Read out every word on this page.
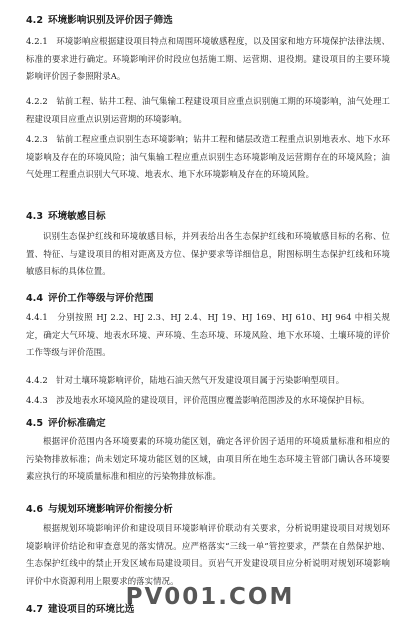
4.2 环境影响识别及评价因子筛选
4.2.1 环境影响应根据建设项目特点和周围环境敏感程度，以及国家和地方环境保护法律法规、标准的要求进行确定。环境影响评价时段应包括施工期、运营期、退役期。建设项目的主要环境影响评价因子参照附录A。
4.2.2 钻前工程、钻井工程、油气集输工程建设项目应重点识别施工期的环境影响，油气处理工程建设项目应重点识别运营期的环境影响。
4.2.3 钻前工程应重点识别生态环境影响；钻井工程和储层改造工程重点识别地表水、地下水环境影响及存在的环境风险；油气集输工程应重点识别生态环境影响及运营期存在的环境风险；油气处理工程重点识别大气环境、地表水、地下水环境影响及存在的环境风险。
4.3 环境敏感目标
识别生态保护红线和环境敏感目标，并列表给出各生态保护红线和环境敏感目标的名称、位置、特征、与建设项目的相对距离及方位、保护要求等详细信息，附图标明生态保护红线和环境敏感目标的具体位置。
4.4 评价工作等级与评价范围
4.4.1 分别按照 HJ 2.2、HJ 2.3、HJ 2.4、HJ 19、HJ 169、HJ 610、HJ 964 中相关规定，确定大气环境、地表水环境、声环境、生态环境、环境风险、地下水环境、土壤环境的评价工作等级与评价范围。
4.4.2 针对土壤环境影响评价，陆地石油天然气开发建设项目属于污染影响型项目。
4.4.3 涉及地表水环境风险的建设项目，评价范围应覆盖影响范围涉及的水环境保护目标。
4.5 评价标准确定
根据评价范围内各环境要素的环境功能区划，确定各评价因子适用的环境质量标准和相应的污染物排放标准；尚未划定环境功能区划的区域，由项目所在地生态环境主管部门确认各环境要素应执行的环境质量标准和相应的污染物排放标准。
4.6 与规划环境影响评价衔接分析
根据规划环境影响评价和建设项目环境影响评价联动有关要求，分析说明建设项目对规划环境影响评价结论和审查意见的落实情况。应严格落实“三线一单”管控要求，严禁在自然保护地、生态保护红线中的禁止开发区域布局建设项目。页岩气开发建设项目应分析说明对规划环境影响评价中水资源利用上限要求的落实情况。
PV001.COM
4.7 建设项目的环境比选
